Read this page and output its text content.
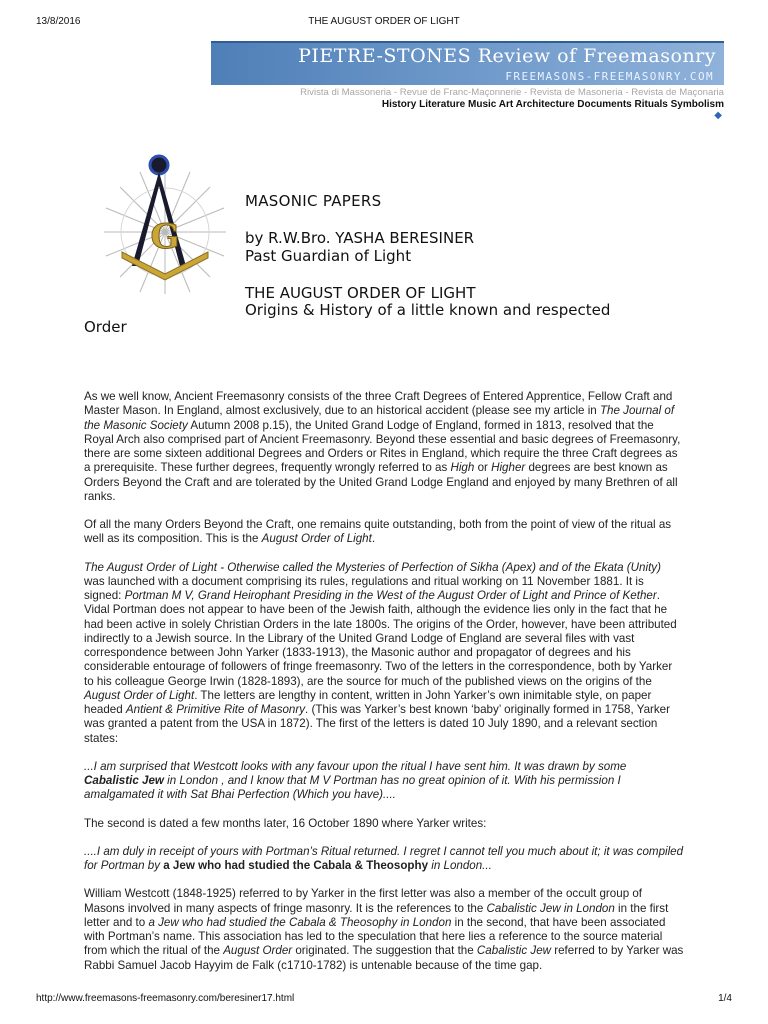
13/8/2016	THE AUGUST ORDER OF LIGHT
PIETRE-STONES Review of Freemasonry
FREEMASONS-FREEMASONRY.COM
Rivista di Massoneria - Revue de Franc-Maçonnerie - Revista de Masoneria - Revista de Maçonaria
History Literature Music Art Architecture Documents Rituals Symbolism
◆
G
MASONIC PAPERS
by R.W.Bro. YASHA BERESINER
Past Guardian of Light
THE AUGUST ORDER OF LIGHT
Origins & History of a little known and respected
Order

As we well know, Ancient Freemasonry consists of the three Craft Degrees of Entered Apprentice, Fellow Craft and Master Mason. In England, almost exclusively, due to an historical accident (please see my article in The Journal of the Masonic Society Autumn 2008 p.15), the United Grand Lodge of England, formed in 1813, resolved that the Royal Arch also comprised part of Ancient Freemasonry. Beyond these essential and basic degrees of Freemasonry, there are some sixteen additional Degrees and Orders or Rites in England, which require the three Craft degrees as a prerequisite. These further degrees, frequently wrongly referred to as High or Higher degrees are best known as Orders Beyond the Craft and are tolerated by the United Grand Lodge England and enjoyed by many Brethren of all ranks.

Of all the many Orders Beyond the Craft, one remains quite outstanding, both from the point of view of the ritual as well as its composition. This is the August Order of Light.

The August Order of Light - Otherwise called the Mysteries of Perfection of Sikha (Apex) and of the Ekata (Unity) was launched with a document comprising its rules, regulations and ritual working on 11 November 1881. It is signed: Portman M V, Grand Heirophant Presiding in the West of the August Order of Light and Prince of Kether. Vidal Portman does not appear to have been of the Jewish faith, although the evidence lies only in the fact that he had been active in solely Christian Orders in the late 1800s. The origins of the Order, however, have been attributed indirectly to a Jewish source. In the Library of the United Grand Lodge of England are several files with vast correspondence between John Yarker (1833-1913), the Masonic author and propagator of degrees and his considerable entourage of followers of fringe freemasonry. Two of the letters in the correspondence, both by Yarker to his colleague George Irwin (1828-1893), are the source for much of the published views on the origins of the August Order of Light. The letters are lengthy in content, written in John Yarker’s own inimitable style, on paper headed Antient & Primitive Rite of Masonry. (This was Yarker’s best known ‘baby’ originally formed in 1758, Yarker was granted a patent from the USA in 1872). The first of the letters is dated 10 July 1890, and a relevant section states:

...I am surprised that Westcott looks with any favour upon the ritual I have sent him. It was drawn by some Cabalistic Jew in London , and I know that M V Portman has no great opinion of it. With his permission I amalgamated it with Sat Bhai Perfection (Which you have)....

The second is dated a few months later, 16 October 1890 where Yarker writes:

....I am duly in receipt of yours with Portman’s Ritual returned. I regret I cannot tell you much about it; it was compiled for Portman by a Jew who had studied the Cabala & Theosophy in London...

William Westcott (1848-1925) referred to by Yarker in the first letter was also a member of the occult group of Masons involved in many aspects of fringe masonry. It is the references to the Cabalistic Jew in London in the first letter and to a Jew who had studied the Cabala & Theosophy in London in the second, that have been associated with Portman’s name. This association has led to the speculation that here lies a reference to the source material from which the ritual of the August Order originated. The suggestion that the Cabalistic Jew referred to by Yarker was Rabbi Samuel Jacob Hayyim de Falk (c1710-1782) is untenable because of the time gap.

http://www.freemasons-freemasonry.com/beresiner17.html	1/4
